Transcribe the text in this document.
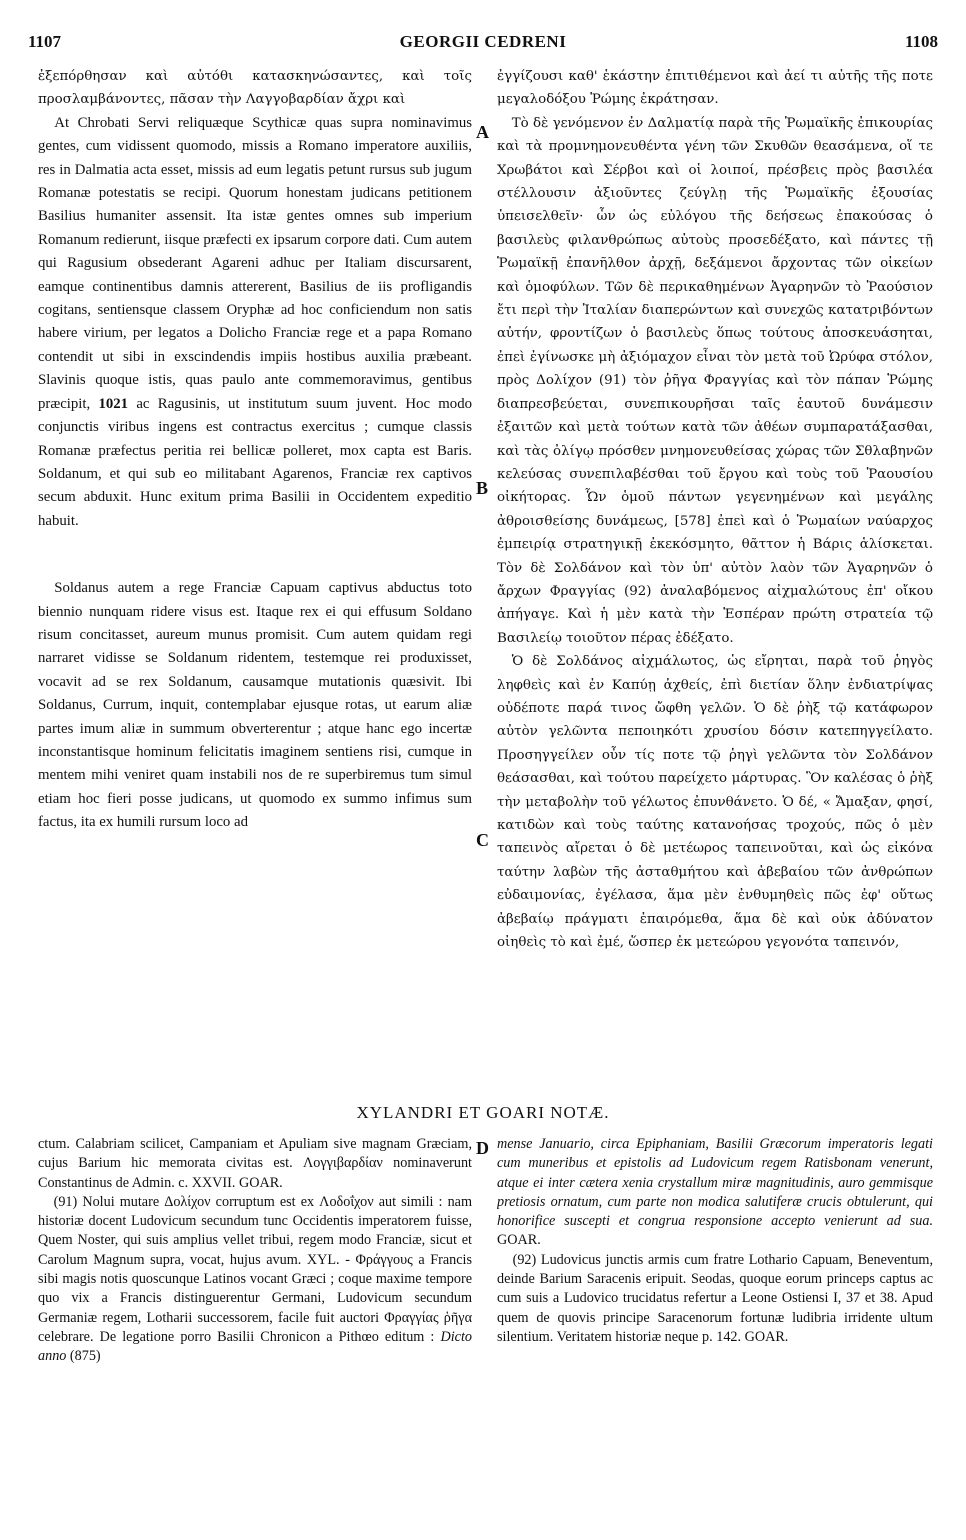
1107	GEORGII CEDRENI	1108

ἐξεπόρθησαν καὶ αὐτόθι κατασκηνώσαντες, καὶ τοῖς προσλαμβάνοντες, πᾶσαν τὴν Λαγγοβαρδίαν ἄχρι καὶ

At Chrobati Servi reliquæque Scythicæ quas supra nominavimus gentes, cum vidissent quomodo, missis a Romano imperatore auxiliis, res in Dalmatia acta esset, missis ad eum legatis petunt rursus sub jugum Romanæ potestatis se recipi. Quorum honestam judicans petitionem Basilius humaniter assensit. Ita istæ gentes omnes sub imperium Romanum redierunt, iisque præfecti ex ipsarum corpore dati. Cum autem qui Ragusium obsederant Agareni adhuc per Italiam discursarent, eamque continentibus damnis attererent, Basilius de iis profligandis cogitans, sentiensque classem Oryphæ ad hoc conficiendum non satis habere virium, per legatos a Dolicho Franciæ rege et a papa Romano contendit ut sibi in exscindendis impiis hostibus auxilia præbeant. Slavinis quoque istis, quas paulo ante commemoravimus, gentibus præcipit, 1021 ac Ragusinis, ut institutum suum juvent. Hoc modo conjunctis viribus ingens est contractus exercitus ; cumque classis Romanæ præfectus peritia rei bellicæ polleret, mox capta est Baris. Soldanum, et qui sub eo militabant Agarenos, Franciæ rex captivos secum abduxit. Hunc exitum prima Basilii in Occidentem expeditio habuit.

Soldanus autem a rege Franciæ Capuam captivus abductus toto biennio nunquam ridere visus est. Itaque rex ei qui effusum Soldano risum concitasset, aureum munus promisit. Cum autem quidam regi narraret vidisse se Soldanum ridentem, testemque rei produxisset, vocavit ad se rex Soldanum, causamque mutationis quæsivit. Ibi Soldanus, Currum, inquit, contemplabar ejusque rotas, ut earum aliæ partes imum aliæ in summum obverterentur ; atque hanc ego incertæ inconstantisque hominum felicitatis imaginem sentiens risi, cumque in mentem mihi veniret quam instabili nos de re superbiremus tum simul etiam hoc fieri posse judicans, ut quomodo ex summo infimus sum factus, ita ex humili rursum loco ad

ἐγγίζουσι καθ' ἑκάστην ἐπιτιθέμενοι καὶ ἀεί τι αὐτῆς τῆς ποτε μεγαλοδόξου Ῥώμης ἐκράτησαν.

Τὸ δὲ γενόμενον ἐν Δαλματίᾳ παρὰ τῆς Ῥωμαϊκῆς ἐπικουρίας καὶ τὰ προμνημονευθέντα γένη τῶν Σκυθῶν θεασάμενα, οἵ τε Χρωβάτοι καὶ Σέρβοι καὶ οἱ λοιποί, πρέσβεις πρὸς βασιλέα στέλλουσιν ἀξιοῦντες ζεύγλῃ τῆς Ῥωμαϊκῆς ἐξουσίας ὑπεισελθεῖν· ὧν ὡς εὐλόγου τῆς δεήσεως ἐπακούσας ὁ βασιλεὺς φιλανθρώπως αὐτοὺς προσεδέξατο, καὶ πάντες τῇ Ῥωμαϊκῇ ἐπανῆλθον ἀρχῇ, δεξάμενοι ἄρχοντας τῶν οἰκείων καὶ ὁμοφύλων. Τῶν δὲ περικαθημένων Ἀγαρηνῶν τὸ Ῥαούσιον ἔτι περὶ τὴν Ἰταλίαν διαπερώντων καὶ συνεχῶς κατατριβόντων αὐτήν, φροντίζων ὁ βασιλεὺς ὅπως τούτους ἀποσκευάσηται, ἐπεὶ ἐγίνωσκε μὴ ἀξιόμαχον εἶναι τὸν μετὰ τοῦ Ὠρύφα στόλον, πρὸς Δολίχον (91) τὸν ῥῆγα Φραγγίας καὶ τὸν πάπαν Ῥώμης διαπρεσβεύεται, συνεπικουρῆσαι ταῖς ἑαυτοῦ δυνάμεσιν ἐξαιτῶν καὶ μετὰ τούτων κατὰ τῶν ἀθέων συμπαρατάξασθαι, καὶ τὰς ὀλίγῳ πρόσθεν μνημονευθείσας χώρας τῶν Σθλαβηνῶν κελεύσας συνεπιλαβέσθαι τοῦ ἔργου καὶ τοὺς τοῦ Ῥαουσίου οἰκήτορας. Ὧν ὁμοῦ πάντων γεγενημένων καὶ μεγάλης ἀθροισθείσης δυνάμεως, [578] ἐπεὶ καὶ ὁ Ῥωμαίων ναύαρχος ἐμπειρίᾳ στρατηγικῇ ἐκεκόσμητο, θᾶττον ἡ Βάρις ἁλίσκεται. Τὸν δὲ Σολδάνον καὶ τὸν ὑπ' αὐτὸν λαὸν τῶν Ἀγαρηνῶν ὁ ἄρχων Φραγγίας (92) ἀναλαβόμενος αἰχμαλώτους ἐπ' οἴκου ἀπήγαγε. Καὶ ἡ μὲν κατὰ τὴν Ἑσπέραν πρώτη στρατεία τῷ Βασιλείῳ τοιοῦτον πέρας ἐδέξατο.

Ὁ δὲ Σολδάνος αἰχμάλωτος, ὡς εἴρηται, παρὰ τοῦ ῥηγὸς ληφθεὶς καὶ ἐν Καπύῃ ἀχθείς, ἐπὶ διετίαν ὅλην ἐνδιατρίψας οὐδέποτε παρά τινος ὤφθη γελῶν. Ὁ δὲ ῥὴξ τῷ κατάφωρον αὐτὸν γελῶντα πεποιηκότι χρυσίου δόσιν κατεπηγγείλατο. Προσηγγείλεν οὖν τίς ποτε τῷ ῥηγὶ γελῶντα τὸν Σολδάνον θεάσασθαι, καὶ τούτου παρείχετο μάρτυρας. Ὃν καλέσας ὁ ῥὴξ τὴν μεταβολὴν τοῦ γέλωτος ἐπυνθάνετο. Ὁ δέ, « Ἄμαξαν, φησί, κατιδὼν καὶ τοὺς ταύτης κατανοήσας τροχούς, πῶς ὁ μὲν ταπεινὸς αἴρεται ὁ δὲ μετέωρος ταπεινοῦται, καὶ ὡς εἰκόνα ταύτην λαβὼν τῆς ἀσταθμήτου καὶ ἀβεβαίου τῶν ἀνθρώπων εὐδαιμονίας, ἐγέλασα, ἅμα μὲν ἐνθυμηθεὶς πῶς ἐφ' οὕτως ἀβεβαίῳ πράγματι ἐπαιρόμεθα, ἅμα δὲ καὶ οὐκ ἀδύνατον οἰηθεὶς τὸ καὶ ἐμέ, ὥσπερ ἐκ μετεώρου γεγονότα ταπεινόν,

A
B
C
D
XYLANDRI ET GOARI NOTÆ.

ctum. Calabriam scilicet, Campaniam et Apuliam sive magnam Græciam, cujus Barium hic memorata civitas est. Λογγιβαρδίαν nominaverunt Constantinus de Admin. c. XXVII. GOAR.

(91) Nolui mutare Δολίχον corruptum est ex Λοδοΐχον aut simili : nam historiæ docent Ludovicum secundum tunc Occidentis imperatorem fuisse, Quem Noster, qui suis amplius vellet tribui, regem modo Franciæ, sicut et Carolum Magnum supra, vocat, hujus avum. XYL. - Φράγγους a Francis sibi magis notis quoscunque Latinos vocant Græci ; coque maxime tempore quo vix a Francis distinguerentur Germani, Ludovicum secundum Germaniæ regem, Lotharii successorem, facile fuit auctori Φραγγίας ῥῆγα celebrare. De legatione porro Basilii Chronicon a Pithœo editum : Dicto anno (875)

mense Januario, circa Epiphaniam, Basilii Græcorum imperatoris legati cum muneribus et epistolis ad Ludovicum regem Ratisbonam venerunt, atque ei inter cætera xenia crystallum miræ magnitudinis, auro gemmisque pretiosis ornatum, cum parte non modica salutiferæ crucis obtulerunt, qui honorifice suscepti et congrua responsione accepto venierunt ad sua. GOAR.

(92) Ludovicus junctis armis cum fratre Lothario Capuam, Beneventum, deinde Barium Saracenis eripuit. Seodas, quoque eorum princeps captus ac cum suis a Ludovico trucidatus refertur a Leone Ostiensi I, 37 et 38. Apud quem de quovis principe Saracenorum fortunæ ludibria irridente ultum silentium. Veritatem historiæ neque p. 142. GOAR.
